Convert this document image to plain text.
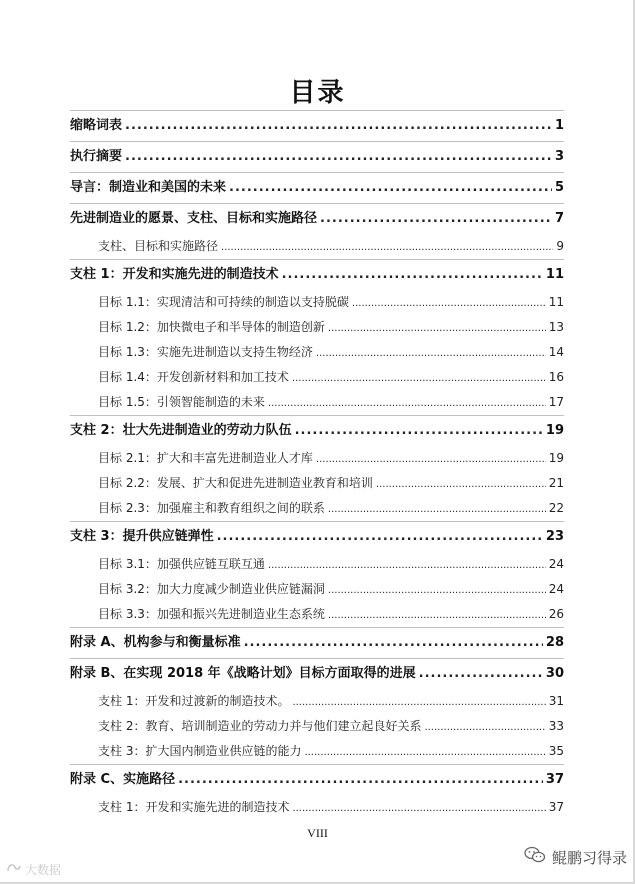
目录
缩略词表 .....	1
执行摘要 .....	3
导言：制造业和美国的未来 .....	5
先进制造业的愿景、支柱、目标和实施路径 .....	7
支柱、目标和实施路径 .....	9
支柱 1：开发和实施先进的制造技术 .....	11
目标 1.1：实现清洁和可持续的制造以支持脱碳 .....	11
目标 1.2：加快微电子和半导体的制造创新 .....	13
目标 1.3：实施先进制造以支持生物经济 .....	14
目标 1.4：开发创新材料和加工技术 .....	16
目标 1.5：引领智能制造的未来 .....	17
支柱 2：壮大先进制造业的劳动力队伍 .....	19
目标 2.1：扩大和丰富先进制造业人才库 .....	19
目标 2.2：发展、扩大和促进先进制造业教育和培训 .....	21
目标 2.3：加强雇主和教育组织之间的联系 .....	22
支柱 3：提升供应链弹性 .....	23
目标 3.1：加强供应链互联互通 .....	24
目标 3.2：加大力度减少制造业供应链漏洞 .....	24
目标 3.3：加强和振兴先进制造业生态系统 .....	26
附录 A、机构参与和衡量标准 .....	28
附录 B、在实现 2018 年《战略计划》目标方面取得的进展 .....	30
支柱 1：开发和过渡新的制造技术。 .....	31
支柱 2：教育、培训制造业的劳动力并与他们建立起良好关系 .....	33
支柱 3：扩大国内制造业供应链的能力 .....	35
附录 C、实施路径 .....	37
支柱 1：开发和实施先进的制造技术 .....	37
VIII
大数据
鲲鹏习得录
